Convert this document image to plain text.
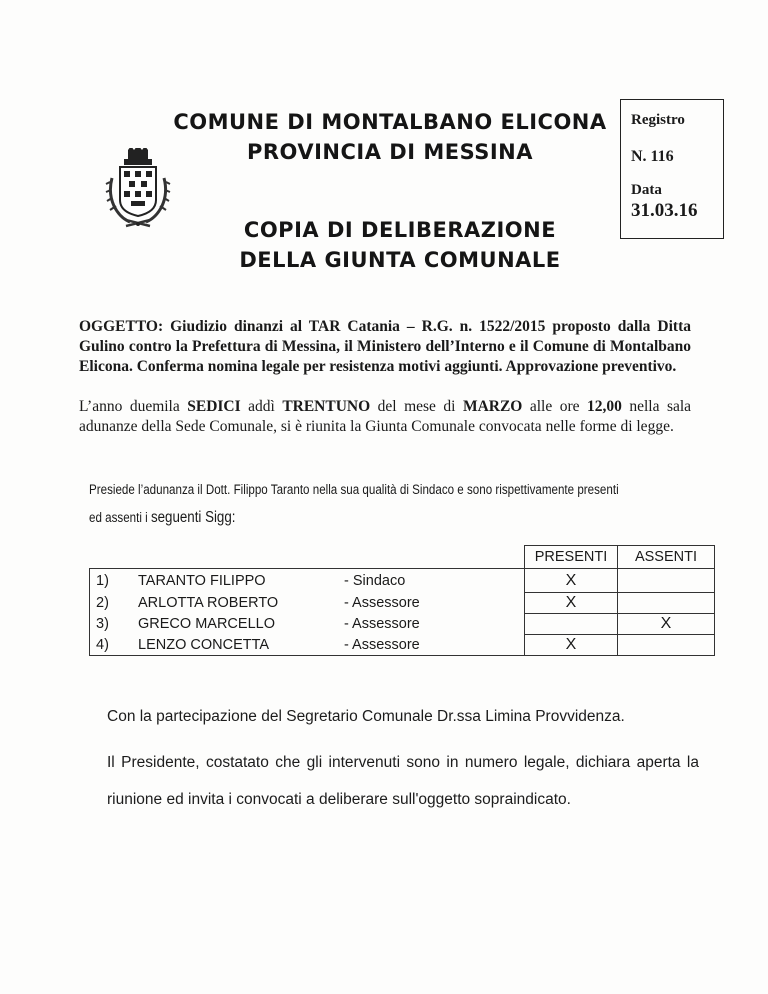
COMUNE DI MONTALBANO ELICONA
PROVINCIA DI MESSINA
COPIA DI DELIBERAZIONE
DELLA GIUNTA COMUNALE
Registro
N. 116
Data
31.03.16
OGGETTO: Giudizio dinanzi al TAR Catania – R.G. n. 1522/2015 proposto dalla Ditta
Gulino contro la Prefettura di Messina, il Ministero dell’Interno e il Comune di Montalbano
Elicona. Conferma nomina legale per resistenza motivi aggiunti. Approvazione preventivo.
L’anno duemila SEDICI addì TRENTUNO del mese di MARZO alle ore 12,00 nella sala
adunanze della Sede Comunale, si è riunita la Giunta Comunale convocata nelle forme di legge.
Presiede l’adunanza il Dott. Filippo Taranto nella sua qualità di Sindaco e sono rispettivamente presenti
ed assenti i seguenti Sigg:
			PRESENTI	ASSENTI
1)	TARANTO FILIPPO	- Sindaco	X	
2)	ARLOTTA ROBERTO	- Assessore	X	
3)	GRECO MARCELLO	- Assessore		X
4)	LENZO CONCETTA	- Assessore	X	
Con la partecipazione del Segretario Comunale Dr.ssa Limina Provvidenza.
Il Presidente, costatato che gli intervenuti sono in numero legale, dichiara aperta la
riunione ed invita i convocati a deliberare sull'oggetto sopraindicato.
